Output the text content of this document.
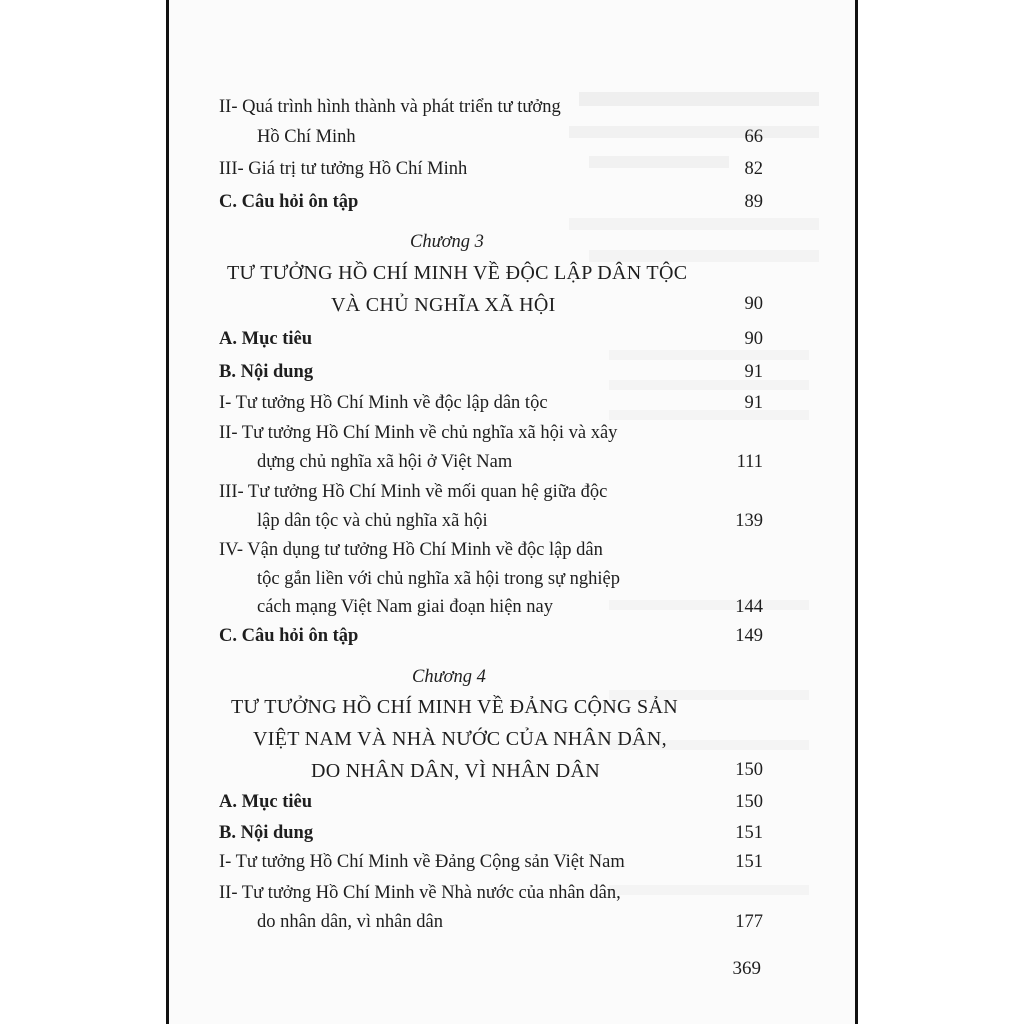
II- Quá trình hình thành và phát triển tư tưởng
Hồ Chí Minh	66
III- Giá trị tư tưởng Hồ Chí Minh	82
C. Câu hỏi ôn tập	89
Chương 3
TƯ TƯỞNG HỒ CHÍ MINH VỀ ĐỘC LẬP DÂN TỘC
VÀ CHỦ NGHĨA XÃ HỘI	90
A. Mục tiêu	90
B. Nội dung	91
I- Tư tưởng Hồ Chí Minh về độc lập dân tộc	91
II- Tư tưởng Hồ Chí Minh về chủ nghĩa xã hội và xây
dựng chủ nghĩa xã hội ở Việt Nam	111
III- Tư tưởng Hồ Chí Minh về mối quan hệ giữa độc
lập dân tộc và chủ nghĩa xã hội	139
IV- Vận dụng tư tưởng Hồ Chí Minh về độc lập dân
tộc gắn liền với chủ nghĩa xã hội trong sự nghiệp
cách mạng Việt Nam giai đoạn hiện nay	144
C. Câu hỏi ôn tập	149
Chương 4
TƯ TƯỞNG HỒ CHÍ MINH VỀ ĐẢNG CỘNG SẢN
VIỆT NAM VÀ NHÀ NƯỚC CỦA NHÂN DÂN,
DO NHÂN DÂN, VÌ NHÂN DÂN	150
A. Mục tiêu	150
B. Nội dung	151
I- Tư tưởng Hồ Chí Minh về Đảng Cộng sản Việt Nam	151
II- Tư tưởng Hồ Chí Minh về Nhà nước của nhân dân,
do nhân dân, vì nhân dân	177
369
